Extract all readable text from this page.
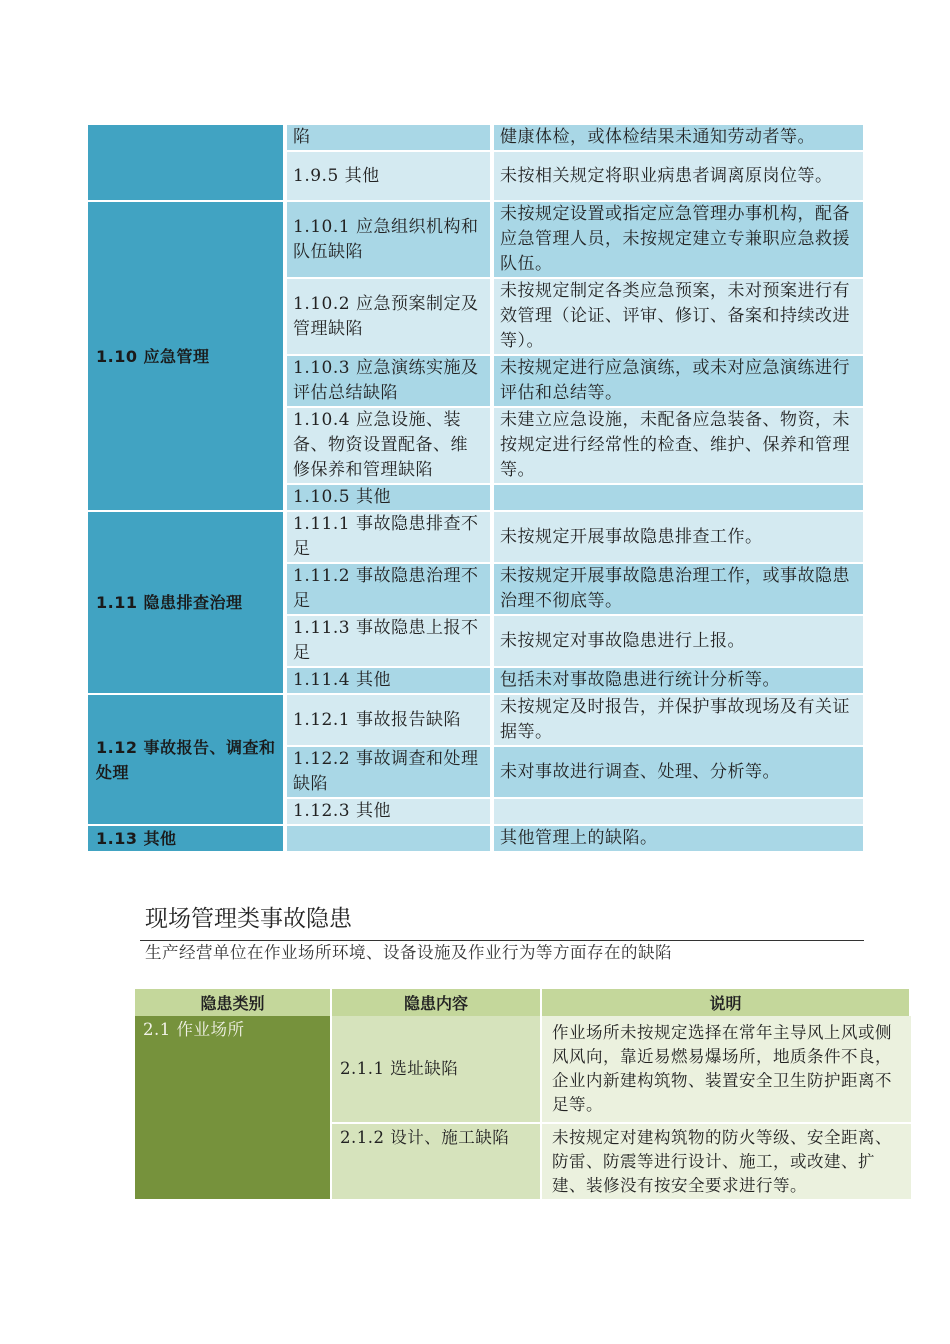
	陷	健康体检，或体检结果未通知劳动者等。
	1.9.5 其他	未按相关规定将职业病患者调离原岗位等。
1.10 应急管理	1.10.1 应急组织机构和队伍缺陷	未按规定设置或指定应急管理办事机构，配备应急管理人员，未按规定建立专兼职应急救援队伍。
	1.10.2 应急预案制定及管理缺陷	未按规定制定各类应急预案，未对预案进行有效管理（论证、评审、修订、备案和持续改进等）。
	1.10.3 应急演练实施及评估总结缺陷	未按规定进行应急演练，或未对应急演练进行评估和总结等。
	1.10.4 应急设施、装备、物资设置配备、维修保养和管理缺陷	未建立应急设施，未配备应急装备、物资，未按规定进行经常性的检查、维护、保养和管理等。
	1.10.5 其他	
1.11 隐患排查治理	1.11.1 事故隐患排查不足	未按规定开展事故隐患排查工作。
	1.11.2 事故隐患治理不足	未按规定开展事故隐患治理工作，或事故隐患治理不彻底等。
	1.11.3 事故隐患上报不足	未按规定对事故隐患进行上报。
	1.11.4 其他	包括未对事故隐患进行统计分析等。
1.12 事故报告、调查和处理	1.12.1 事故报告缺陷	未按规定及时报告，并保护事故现场及有关证据等。
	1.12.2 事故调查和处理缺陷	未对事故进行调查、处理、分析等。
	1.12.3 其他	
1.13 其他		其他管理上的缺陷。
现场管理类事故隐患
生产经营单位在作业场所环境、设备设施及作业行为等方面存在的缺陷
隐患类别	隐患内容	说明
2.1 作业场所	2.1.1 选址缺陷	作业场所未按规定选择在常年主导风上风或侧风风向，靠近易燃易爆场所，地质条件不良，企业内新建构筑物、装置安全卫生防护距离不足等。
	2.1.2 设计、施工缺陷	未按规定对建构筑物的防火等级、安全距离、防雷、防震等进行设计、施工，或改建、扩建、装修没有按安全要求进行等。
